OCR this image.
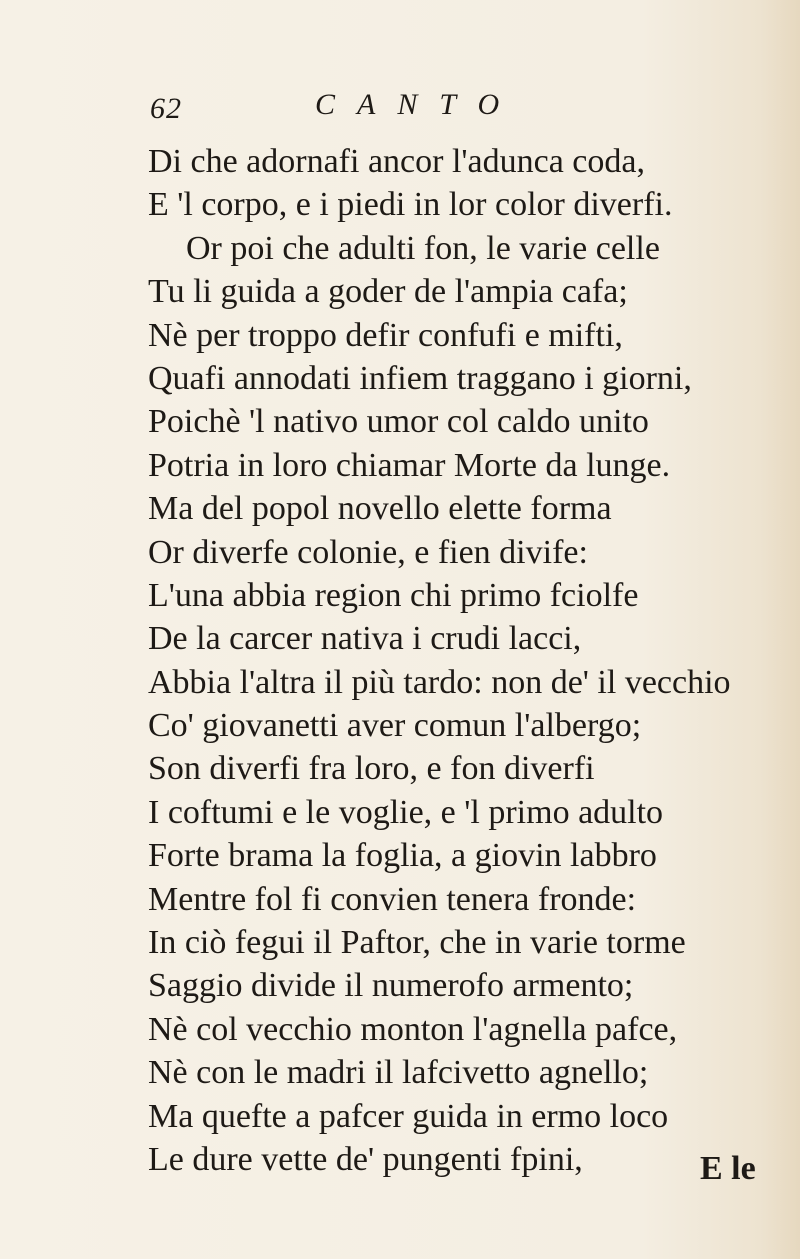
62	CANTO
Di che adornafi ancor l'adunca coda,
E 'l corpo, e i piedi in lor color diverfi.
Or poi che adulti fon, le varie celle
Tu li guida a goder de l'ampia cafa;
Nè per troppo defir confufi e mifti,
Quafi annodati infiem traggano i giorni,
Poichè 'l nativo umor col caldo unito
Potria in loro chiamar Morte da lunge.
Ma del popol novello elette forma
Or diverfe colonie, e fien divife:
L'una abbia region chi primo fciolfe
De la carcer nativa i crudi lacci,
Abbia l'altra il più tardo: non de' il vecchio
Co' giovanetti aver comun l'albergo;
Son diverfi fra loro, e fon diverfi
I coftumi e le voglie, e 'l primo adulto
Forte brama la foglia, a giovin labbro
Mentre fol fi convien tenera fronde:
In ciò fegui il Paftor, che in varie torme
Saggio divide il numerofo armento;
Nè col vecchio monton l'agnella pafce,
Nè con le madri il lafcivetto agnello;
Ma quefte a pafcer guida in ermo loco
Le dure vette de' pungenti fpini,	E le
